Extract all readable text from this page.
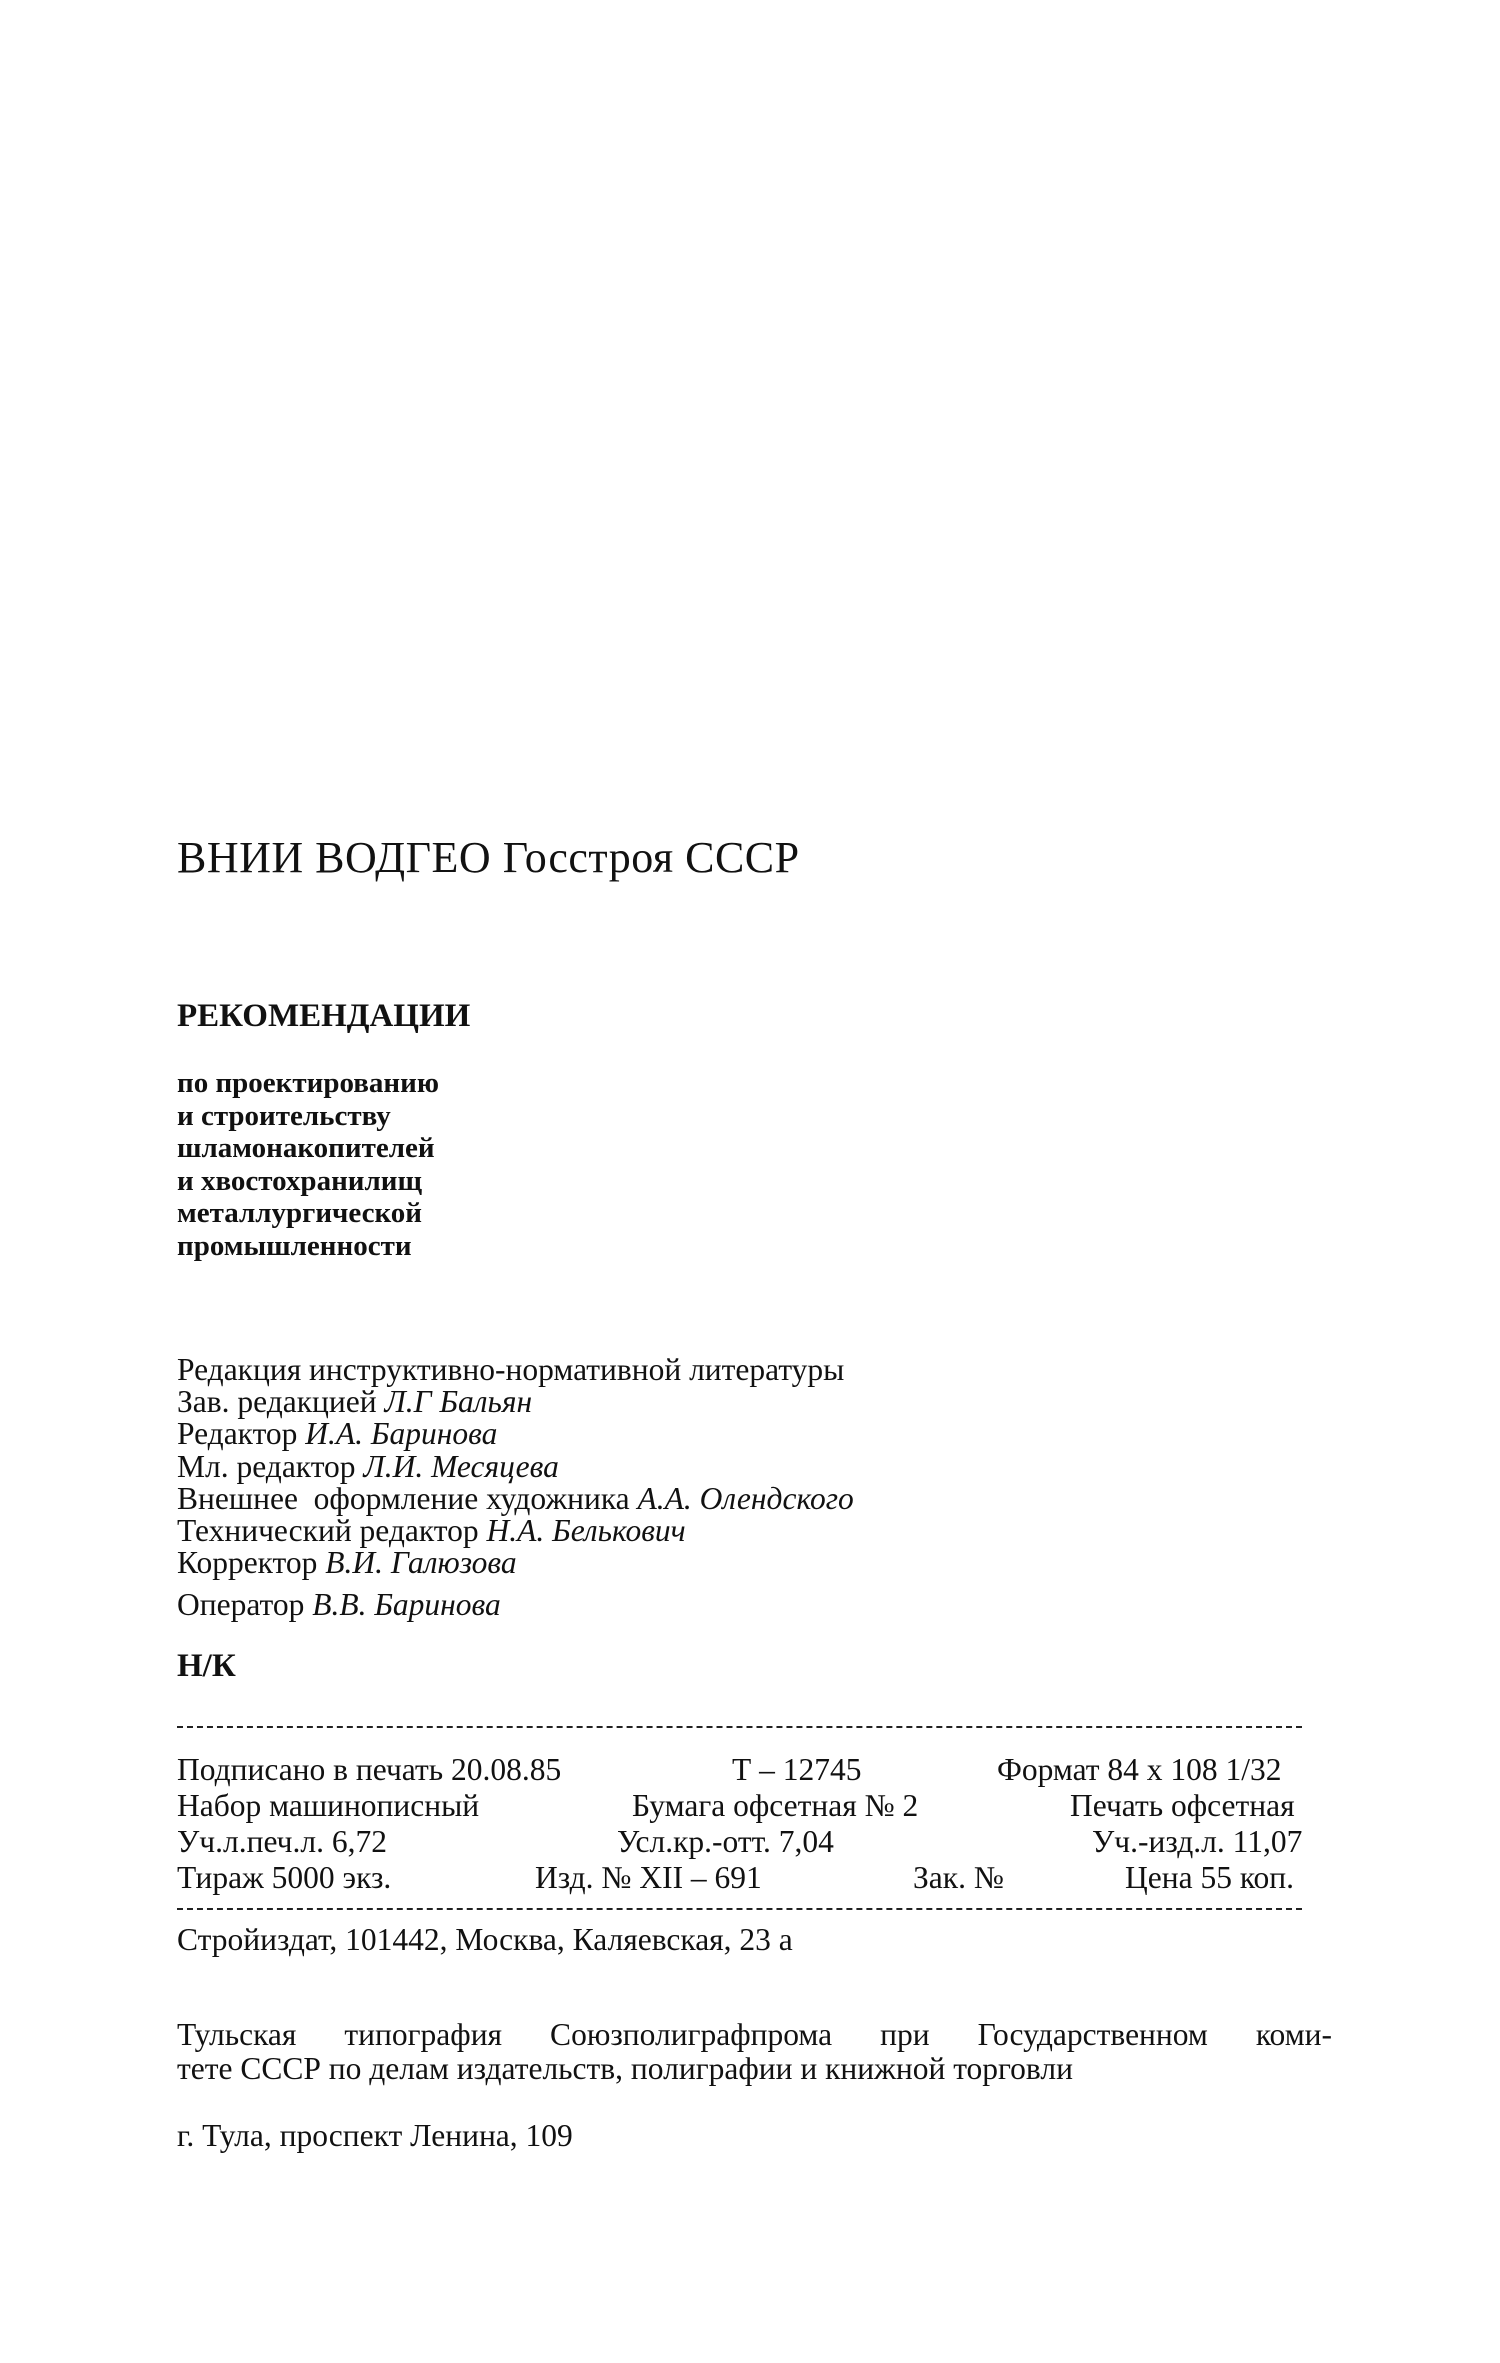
ВНИИ ВОДГЕО Госстроя СССР
РЕКОМЕНДАЦИИ
по проектированию
и строительству
шламонакопителей
и хвостохранилищ
металлургической
промышленности
Редакция инструктивно-нормативной литературы
Зав. редакцией Л.Г Бальян
Редактор И.А. Баринова
Мл. редактор Л.И. Месяцева
Внешнее  оформление художника А.А. Олендского
Технический редактор Н.А. Белькович
Корректор В.И. Галюзова
Оператор В.В. Баринова
Н/К
Подписано в печать 20.08.85	Т – 12745	Формат 84 х 108 1/32
Набор машинописный	Бумага офсетная № 2	Печать офсетная
Уч.л.печ.л. 6,72	Усл.кр.-отт. 7,04	Уч.-изд.л. 11,07
Тираж 5000 экз.	Изд. № XII – 691	Зак. №	Цена 55 коп.
Стройиздат, 101442, Москва, Каляевская, 23 а
Тульская типография Союзполиграфпрома при Государственном коми-
тете СССР по делам издательств, полиграфии и книжной торговли
г. Тула, проспект Ленина, 109
